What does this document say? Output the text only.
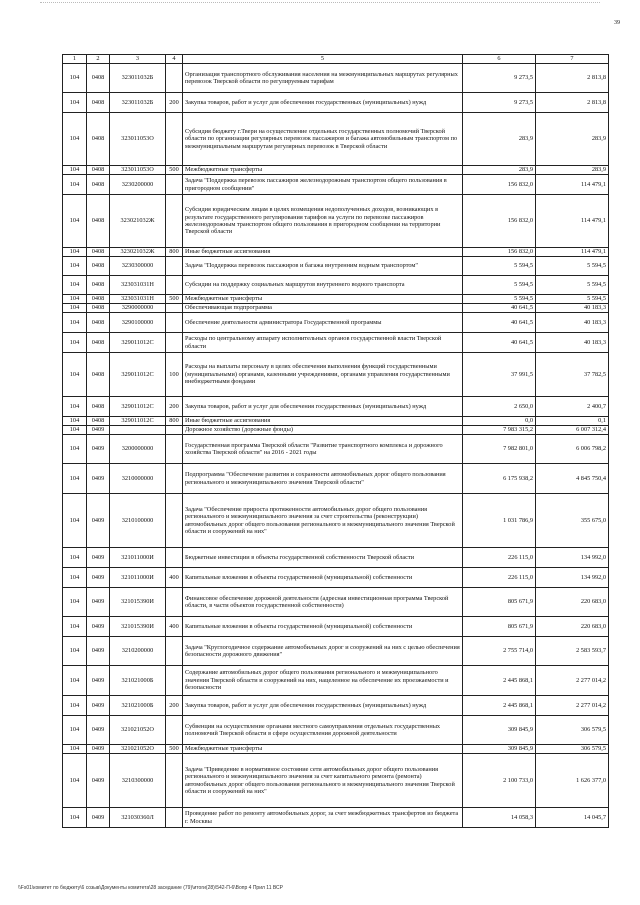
39
1	2	3	4	5	6	7
104	0408	323011032Б		Организация транспортного обслуживания населения на межмуниципальных маршрутах регулярных перевозок Тверской области по регулируемым тарифам	9 273,5	2 813,8
104	0408	323011032Б	200	Закупка товаров, работ и услуг для обеспечения государственных (муниципальных) нужд	9 273,5	2 813,8
104	0408	323011053О		Субсидия бюджету г.Твери на осуществление отдельных государственных полномочий Тверской области по организации регулярных перевозок пассажиров и багажа автомобильным транспортом по межмуниципальным маршрутам регулярных перевозок в Тверской области	283,9	283,9
104	0408	323011053О	500	Межбюджетные трансферты	283,9	283,9
104	0408	3230200000		Задача "Поддержка перевозок пассажиров железнодорожным транспортом общего пользования в пригородном сообщении"	156 832,0	114 479,1
104	0408	323021032Ж		Субсидия юридическим лицам в целях возмещения недополученных доходов, возникающих в результате государственного регулирования тарифов на услуги по перевозке пассажиров железнодорожным транспортом общего пользования в пригородном сообщении на территории Тверской области	156 832,0	114 479,1
104	0408	323021032Ж	800	Иные бюджетные ассигнования	156 832,0	114 479,1
104	0408	3230300000		Задача "Поддержка перевозок пассажиров и багажа внутренним водным транспортом"	5 594,5	5 594,5
104	0408	323031031Н		Субсидии на поддержку социальных маршрутов внутреннего водного транспорта	5 594,5	5 594,5
104	0408	323031031Н	500	Межбюджетные трансферты	5 594,5	5 594,5
104	0408	3290000000		Обеспечивающая подпрограмма	40 641,5	40 183,3
104	0408	3290100000		Обеспечение деятельности администратора Государственной программы	40 641,5	40 183,3
104	0408	329011012С		Расходы по центральному аппарату исполнительных органов государственной власти Тверской области	40 641,5	40 183,3
104	0408	329011012С	100	Расходы на выплаты персоналу в целях обеспечения выполнения функций государственными (муниципальными) органами, казенными учреждениями, органами управления государственными внебюджетными фондами	37 991,5	37 782,5
104	0408	329011012С	200	Закупка товаров, работ и услуг для обеспечения государственных (муниципальных) нужд	2 650,0	2 400,7
104	0408	329011012С	800	Иные бюджетные ассигнования	0,0	0,1
104	0409			Дорожное хозяйство (дорожные фонды)	7 983 315,2	6 007 312,4
104	0409	3200000000		Государственная программа Тверской области "Развитие транспортного комплекса и дорожного хозяйства Тверской области" на 2016 - 2021 годы	7 982 801,0	6 006 798,2
104	0409	3210000000		Подпрограмма "Обеспечение развития и сохранности автомобильных дорог общего пользования регионального и межмуниципального значения Тверской области"	6 175 938,2	4 845 750,4
104	0409	3210100000		Задача "Обеспечение прироста протяженности автомобильных дорог общего пользования регионального и межмуниципального значения за счет строительства (реконструкции) автомобильных дорог общего пользования регионального и межмуниципального значения Тверской области и сооружений на них"	1 031 786,9	355 675,0
104	0409	321011000И		Бюджетные инвестиции в объекты государственной собственности Тверской области	226 115,0	134 992,0
104	0409	321011000И	400	Капитальные вложения в объекты государственной (муниципальной) собственности	226 115,0	134 992,0
104	0409	321015390И		Финансовое обеспечение дорожной деятельности (адресная инвестиционная программа Тверской области, в части объектов государственной собственности)	805 671,9	220 683,0
104	0409	321015390И	400	Капитальные вложения в объекты государственной (муниципальной) собственности	805 671,9	220 683,0
104	0409	3210200000		Задача "Круглогодичное содержание автомобильных дорог и сооружений на них с целью обеспечения безопасности дорожного движения"	2 755 714,0	2 583 593,7
104	0409	321021000Б		Содержание автомобильных дорог общего пользования регионального и межмуниципального значения Тверской области и сооружений на них, нацеленное на обеспечение их проезжаемости и безопасности	2 445 868,1	2 277 014,2
104	0409	321021000Б	200	Закупка товаров, работ и услуг для обеспечения государственных (муниципальных) нужд	2 445 868,1	2 277 014,2
104	0409	321021052О		Субвенции на осуществление органами местного самоуправления отдельных государственных полномочий Тверской области в сфере осуществления дорожной деятельности	309 845,9	306 579,5
104	0409	321021052О	500	Межбюджетные трансферты	309 845,9	306 579,5
104	0409	3210300000		Задача "Приведение в нормативное состояние сети автомобильных дорог общего пользования регионального и межмуниципального значения за счет капитального ремонта (ремонта) автомобильных дорог общего пользования регионального и межмуниципального значения Тверской области и сооружений на них"	2 100 733,0	1 626 377,0
104	0409	321030360Л		Проведение работ по ремонту автомобильных дорог, за счет межбюджетных трансфертов из бюджета г. Москвы	14 058,3	14 045,7
\\Fs01\комитет по бюджету\6 созыв\Документы комитета\28 заседание (79)\итоги(28)\542-П-6\Вопр 4 Прил 11 ВСР
